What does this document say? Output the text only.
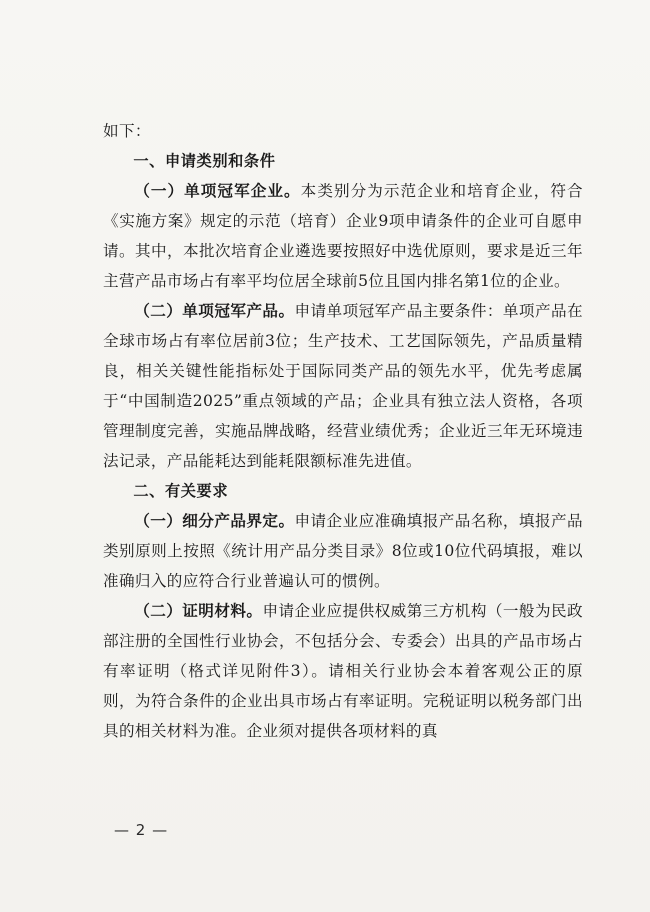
如下：

一、申请类别和条件

（一）单项冠军企业。本类别分为示范企业和培育企业，符合《实施方案》规定的示范（培育）企业9项申请条件的企业可自愿申请。其中，本批次培育企业遴选要按照好中选优原则，要求是近三年主营产品市场占有率平均位居全球前5位且国内排名第1位的企业。

（二）单项冠军产品。申请单项冠军产品主要条件：单项产品在全球市场占有率位居前3位；生产技术、工艺国际领先，产品质量精良，相关关键性能指标处于国际同类产品的领先水平，优先考虑属于“中国制造2025”重点领域的产品；企业具有独立法人资格，各项管理制度完善，实施品牌战略，经营业绩优秀；企业近三年无环境违法记录，产品能耗达到能耗限额标准先进值。

二、有关要求

（一）细分产品界定。申请企业应准确填报产品名称，填报产品类别原则上按照《统计用产品分类目录》8位或10位代码填报，难以准确归入的应符合行业普遍认可的惯例。

（二）证明材料。申请企业应提供权威第三方机构（一般为民政部注册的全国性行业协会，不包括分会、专委会）出具的产品市场占有率证明（格式详见附件3）。请相关行业协会本着客观公正的原则，为符合条件的企业出具市场占有率证明。完税证明以税务部门出具的相关材料为准。企业须对提供各项材料的真

— 2 —
